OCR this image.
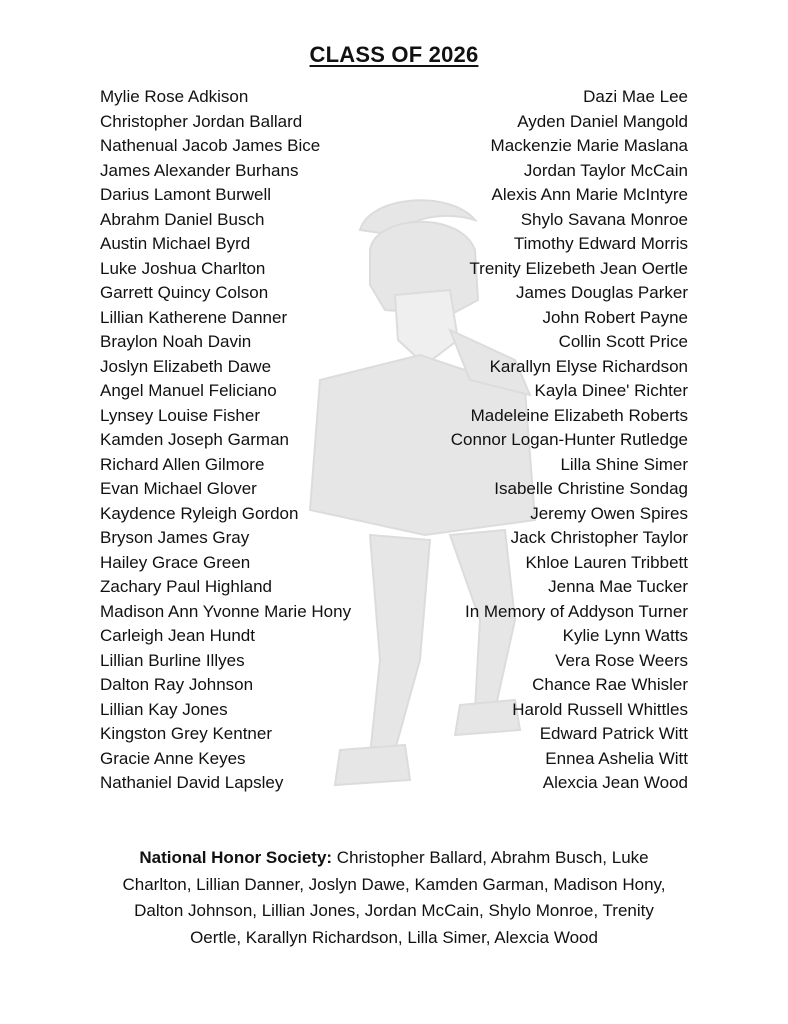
CLASS OF 2026
Mylie Rose Adkison
Christopher Jordan Ballard
Nathenual Jacob James Bice
James Alexander Burhans
Darius Lamont Burwell
Abrahm Daniel Busch
Austin Michael Byrd
Luke Joshua Charlton
Garrett Quincy Colson
Lillian Katherene Danner
Braylon Noah Davin
Joslyn Elizabeth Dawe
Angel Manuel Feliciano
Lynsey Louise Fisher
Kamden Joseph Garman
Richard Allen Gilmore
Evan Michael Glover
Kaydence Ryleigh Gordon
Bryson James Gray
Hailey Grace Green
Zachary Paul Highland
Madison Ann Yvonne Marie Hony
Carleigh Jean Hundt
Lillian Burline Illyes
Dalton Ray Johnson
Lillian Kay Jones
Kingston Grey Kentner
Gracie Anne Keyes
Nathaniel David Lapsley
Dazi Mae Lee
Ayden Daniel Mangold
Mackenzie Marie Maslana
Jordan Taylor McCain
Alexis Ann Marie McIntyre
Shylo Savana Monroe
Timothy Edward Morris
Trenity Elizebeth Jean Oertle
James Douglas Parker
John Robert Payne
Collin Scott Price
Karallyn Elyse Richardson
Kayla Dinee' Richter
Madeleine Elizabeth Roberts
Connor Logan-Hunter Rutledge
Lilla Shine Simer
Isabelle Christine Sondag
Jeremy Owen Spires
Jack Christopher Taylor
Khloe Lauren Tribbett
Jenna Mae Tucker
In Memory of Addyson Turner
Kylie Lynn Watts
Vera Rose Weers
Chance Rae Whisler
Harold Russell Whittles
Edward Patrick Witt
Ennea Ashelia Witt
Alexcia Jean Wood
National Honor Society: Christopher Ballard, Abrahm Busch, Luke Charlton, Lillian Danner, Joslyn Dawe, Kamden Garman, Madison Hony, Dalton Johnson, Lillian Jones, Jordan McCain, Shylo Monroe, Trenity Oertle, Karallyn Richardson, Lilla Simer, Alexcia Wood
